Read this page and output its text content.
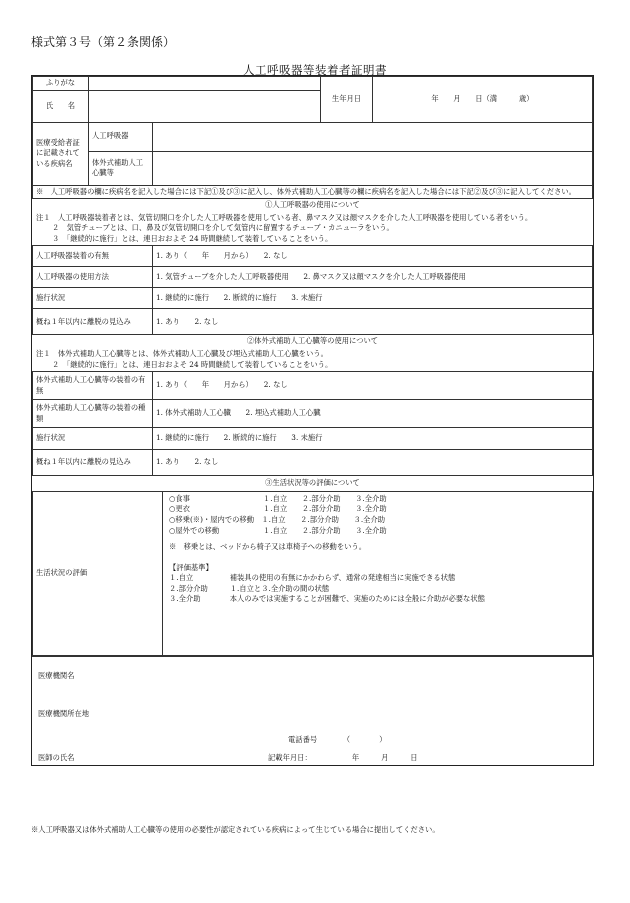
様式第３号（第２条関係）
人工呼吸器等装着者証明書
ふりがな			生年月日	年　　月　　日（満　　　歳）
氏　　名				
医療受給者証に記載されている疾病名	人工呼吸器			
	体外式補助人工心臓等			
※　人工呼吸器の欄に疾病名を記入した場合には下記①及び③に記入し、体外式補助人工心臓等の欄に疾病名を記入した場合には下記②及び③に記入してください。				
①人工呼吸器の使用について
注１　人工呼吸器装着者とは、気管切開口を介した人工呼吸器を使用している者、鼻マスク又は顔マスクを介した人工呼吸器を使用している者をいう。
２　気管チューブとは、口、鼻及び気管切開口を介して気管内に留置するチューブ・カニューラをいう。
３　「継続的に施行」とは、連日おおよそ 24 時間継続して装着していることをいう。
人工呼吸器装着の有無	1. あり（　　年　　月から）　　2. なし
人工呼吸器の使用方法	1. 気管チューブを介した人工呼吸器使用　　2. 鼻マスク又は顔マスクを介した人工呼吸器使用
施行状況	1. 継続的に施行　　2. 断続的に施行　　3. 未施行
概ね１年以内に離脱の見込み	1. あり　　2. なし
②体外式補助人工心臓等の使用について
注１　体外式補助人工心臓等とは、体外式補助人工心臓及び埋込式補助人工心臓をいう。
２　「継続的に施行」とは、連日おおよそ 24 時間継続して装着していることをいう。
体外式補助人工心臓等の装着の有無	1. あり（　　年　　月から）　　2. なし
体外式補助人工心臓等の装着の種類	1. 体外式補助人工心臓　　2. 埋込式補助人工心臓
施行状況	1. 継続的に施行　　2. 断続的に施行　　3. 未施行
概ね１年以内に離脱の見込み	1. あり　　2. なし
③生活状況等の評価について
生活状況の評価	
○食事　　　　　　　　　　１.自立　　２.部分介助　　３.全介助
○更衣　　　　　　　　　　１.自立　　２.部分介助　　３.全介助
○移乗(※)・屋内での移動　１.自立　　２.部分介助　　３.全介助
○屋外での移動　　　　　　１.自立　　２.部分介助　　３.全介助
※　移乗とは、ベッドから椅子又は車椅子への移動をいう。
【評価基準】
１.自立　　　　　補装具の使用の有無にかかわらず、通常の発達相当に実施できる状態
２.部分介助　　　１.自立と３.全介助の間の状態
３.全介助　　　　本人のみでは実施することが困難で、実施のためには全般に介助が必要な状態
医療機関名
医療機関所在地
電話番号　　　　（　　　　）
医師の氏名	記載年月日：　　　　　　年　　　月　　　日
※人工呼吸器又は体外式補助人工心臓等の使用の必要性が認定されている疾病によって生じている場合に提出してください。
